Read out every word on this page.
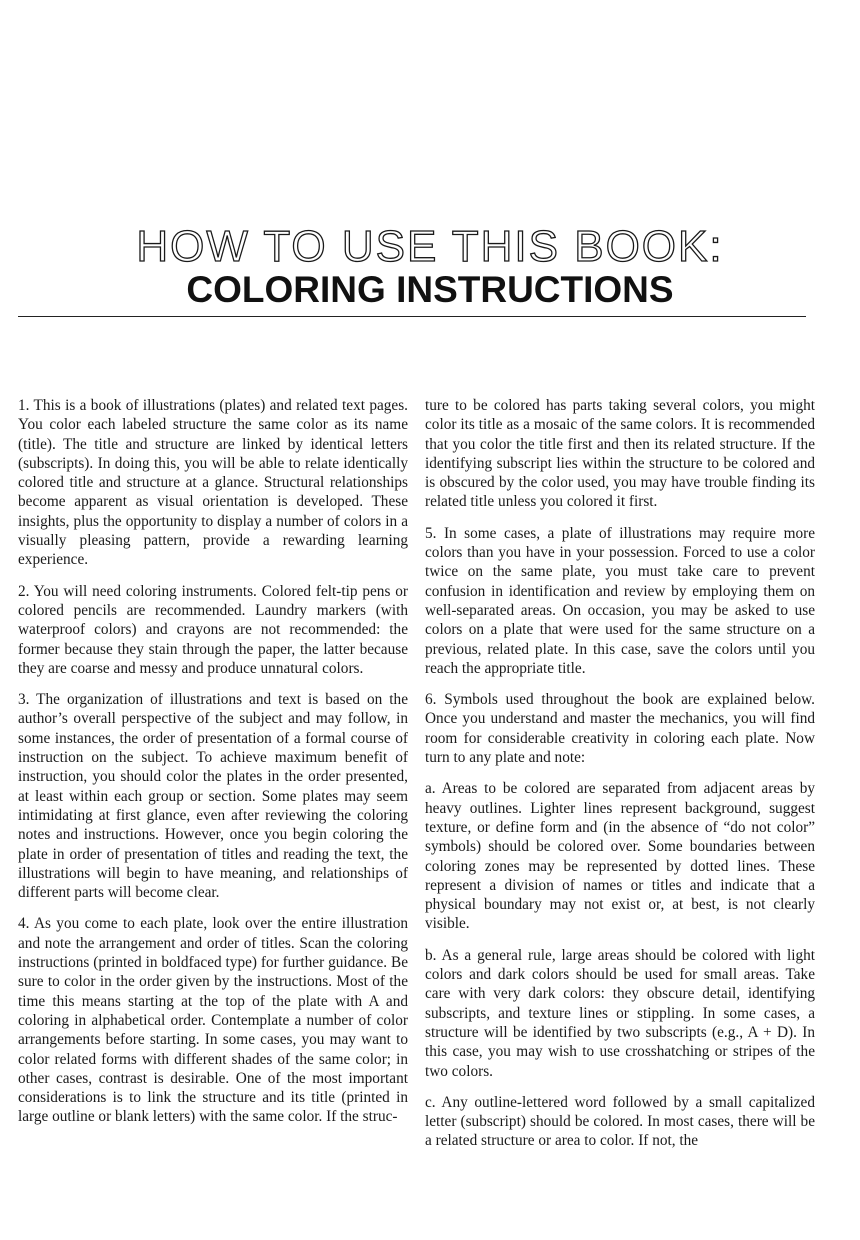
HOW TO USE THIS BOOK:
COLORING INSTRUCTIONS

1. This is a book of illustrations (plates) and related text pages. You color each labeled structure the same color as its name (title). The title and structure are linked by identical letters (subscripts). In doing this, you will be able to relate identically colored title and structure at a glance. Structural relationships become apparent as visual orientation is developed. These insights, plus the opportunity to display a number of colors in a visually pleasing pattern, provide a rewarding learning experience.

2. You will need coloring instruments. Colored felt-tip pens or colored pencils are recommended. Laundry markers (with waterproof colors) and crayons are not recommended: the former because they stain through the paper, the latter because they are coarse and messy and produce unnatural colors.

3. The organization of illustrations and text is based on the author’s overall perspective of the subject and may follow, in some instances, the order of presentation of a formal course of instruction on the subject. To achieve maximum benefit of instruction, you should color the plates in the order presented, at least within each group or section. Some plates may seem intimidating at first glance, even after reviewing the coloring notes and instructions. However, once you begin coloring the plate in order of presentation of titles and reading the text, the illustrations will begin to have meaning, and relationships of different parts will become clear.

4. As you come to each plate, look over the entire illustration and note the arrangement and order of titles. Scan the coloring instructions (printed in boldfaced type) for further guidance. Be sure to color in the order given by the instructions. Most of the time this means starting at the top of the plate with A and coloring in alphabetical order. Contemplate a number of color arrangements before starting. In some cases, you may want to color related forms with different shades of the same color; in other cases, contrast is desirable. One of the most important considerations is to link the structure and its title (printed in large outline or blank letters) with the same color. If the struc-

ture to be colored has parts taking several colors, you might color its title as a mosaic of the same colors. It is recommended that you color the title first and then its related structure. If the identifying subscript lies within the structure to be colored and is obscured by the color used, you may have trouble finding its related title unless you colored it first.

5. In some cases, a plate of illustrations may require more colors than you have in your possession. Forced to use a color twice on the same plate, you must take care to prevent confusion in identification and review by employing them on well-separated areas. On occasion, you may be asked to use colors on a plate that were used for the same structure on a previous, related plate. In this case, save the colors until you reach the appropriate title.

6. Symbols used throughout the book are explained below. Once you understand and master the mechanics, you will find room for considerable creativity in coloring each plate. Now turn to any plate and note:

a. Areas to be colored are separated from adjacent areas by heavy outlines. Lighter lines represent background, suggest texture, or define form and (in the absence of “do not color” symbols) should be colored over. Some boundaries between coloring zones may be represented by dotted lines. These represent a division of names or titles and indicate that a physical boundary may not exist or, at best, is not clearly visible.

b. As a general rule, large areas should be colored with light colors and dark colors should be used for small areas. Take care with very dark colors: they obscure detail, identifying subscripts, and texture lines or stippling. In some cases, a structure will be identified by two subscripts (e.g., A + D). In this case, you may wish to use crosshatching or stripes of the two colors.

c. Any outline-lettered word followed by a small capitalized letter (subscript) should be colored. In most cases, there will be a related structure or area to color. If not, the
